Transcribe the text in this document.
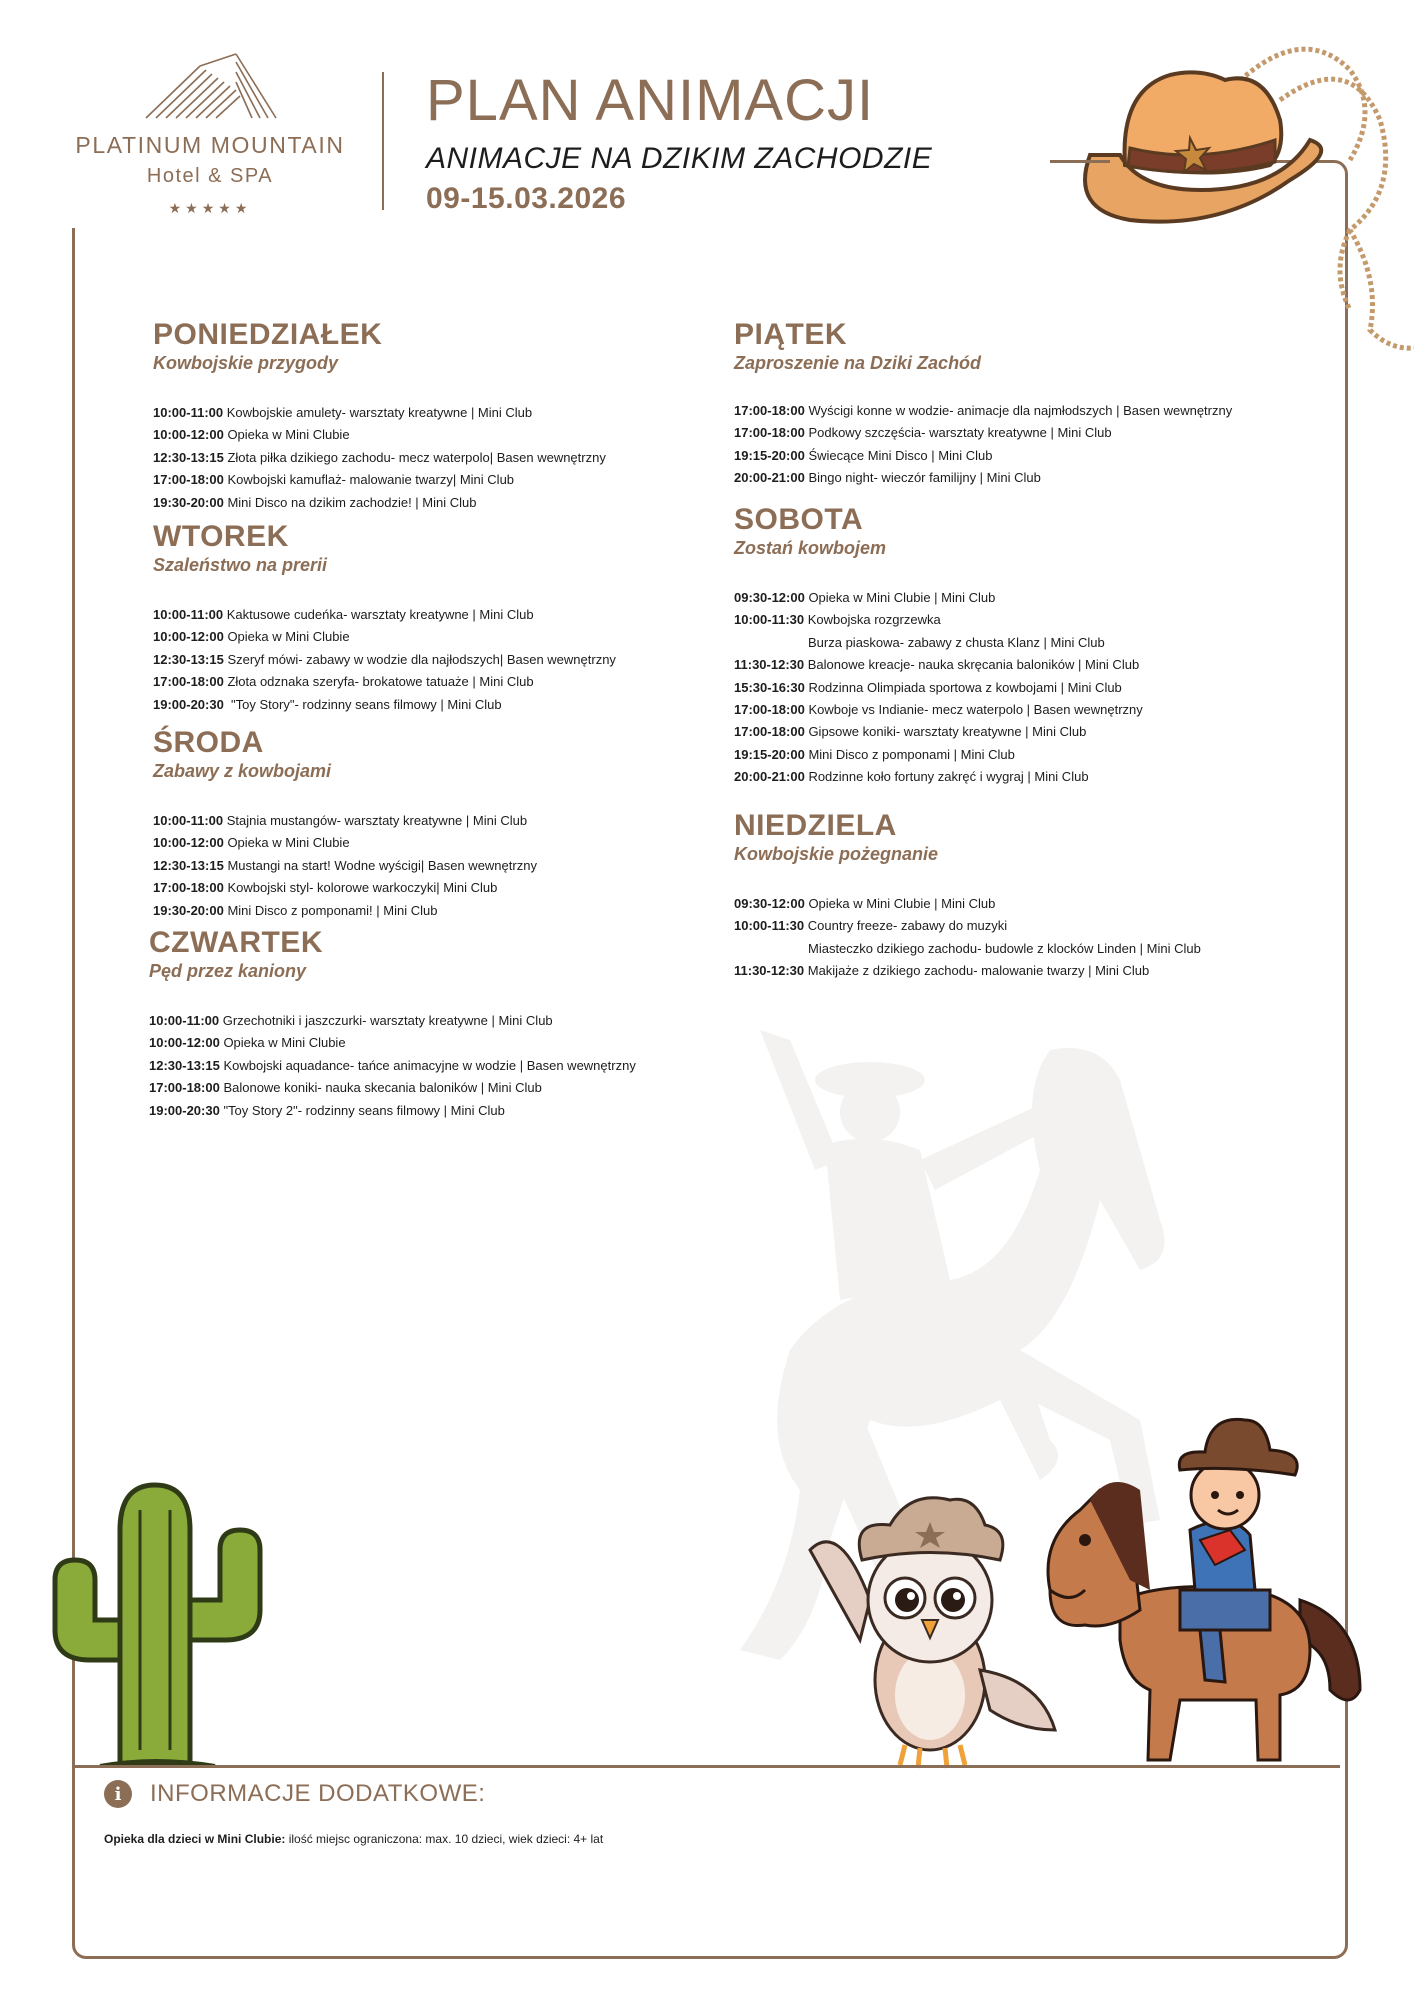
PLATINUM MOUNTAIN
Hotel & SPA
★★★★★
PLAN ANIMACJI
ANIMACJE NA DZIKIM ZACHODZIE
09-15.03.2026
PONIEDZIAŁEK
Kowbojskie przygody
10:00-11:00 Kowbojskie amulety- warsztaty kreatywne | Mini Club
10:00-12:00 Opieka w Mini Clubie
12:30-13:15 Złota piłka dzikiego zachodu- mecz waterpolo| Basen wewnętrzny
17:00-18:00 Kowbojski kamuflaż- malowanie twarzy| Mini Club
19:30-20:00 Mini Disco na dzikim zachodzie! | Mini Club
WTOREK
Szaleństwo na prerii
10:00-11:00 Kaktusowe cudeńka- warsztaty kreatywne | Mini Club
10:00-12:00 Opieka w Mini Clubie
12:30-13:15 Szeryf mówi- zabawy w wodzie dla najłodszych| Basen wewnętrzny
17:00-18:00 Złota odznaka szeryfa- brokatowe tatuaże | Mini Club
19:00-20:30  "Toy Story"- rodzinny seans filmowy | Mini Club
ŚRODA
Zabawy z kowbojami
10:00-11:00 Stajnia mustangów- warsztaty kreatywne | Mini Club
10:00-12:00 Opieka w Mini Clubie
12:30-13:15 Mustangi na start! Wodne wyścigi| Basen wewnętrzny
17:00-18:00 Kowbojski styl- kolorowe warkoczyki| Mini Club
19:30-20:00 Mini Disco z pomponami! | Mini Club
CZWARTEK
Pęd przez kaniony
10:00-11:00 Grzechotniki i jaszczurki- warsztaty kreatywne | Mini Club
10:00-12:00 Opieka w Mini Clubie
12:30-13:15 Kowbojski aquadance- tańce animacyjne w wodzie | Basen wewnętrzny
17:00-18:00 Balonowe koniki- nauka skecania baloników | Mini Club
19:00-20:30 "Toy Story 2"- rodzinny seans filmowy | Mini Club
PIĄTEK
Zaproszenie na Dziki Zachód
17:00-18:00 Wyścigi konne w wodzie- animacje dla najmłodszych | Basen wewnętrzny
17:00-18:00 Podkowy szczęścia- warsztaty kreatywne | Mini Club
19:15-20:00 Świecące Mini Disco | Mini Club
20:00-21:00 Bingo night- wieczór familijny | Mini Club
SOBOTA
Zostań kowbojem
09:30-12:00 Opieka w Mini Clubie | Mini Club
10:00-11:30 Kowbojska rozgrzewka
Burza piaskowa- zabawy z chusta Klanz | Mini Club
11:30-12:30 Balonowe kreacje- nauka skręcania baloników | Mini Club
15:30-16:30 Rodzinna Olimpiada sportowa z kowbojami | Mini Club
17:00-18:00 Kowboje vs Indianie- mecz waterpolo | Basen wewnętrzny
17:00-18:00 Gipsowe koniki- warsztaty kreatywne | Mini Club
19:15-20:00 Mini Disco z pomponami | Mini Club
20:00-21:00 Rodzinne koło fortuny zakręć i wygraj | Mini Club
NIEDZIELA
Kowbojskie pożegnanie
09:30-12:00 Opieka w Mini Clubie | Mini Club
10:00-11:30 Country freeze- zabawy do muzyki
Miasteczko dzikiego zachodu- budowle z klocków Linden | Mini Club
11:30-12:30 Makijaże z dzikiego zachodu- malowanie twarzy | Mini Club
i	INFORMACJE DODATKOWE:
Opieka dla dzieci w Mini Clubie: ilość miejsc ograniczona: max. 10 dzieci, wiek dzieci: 4+ lat
